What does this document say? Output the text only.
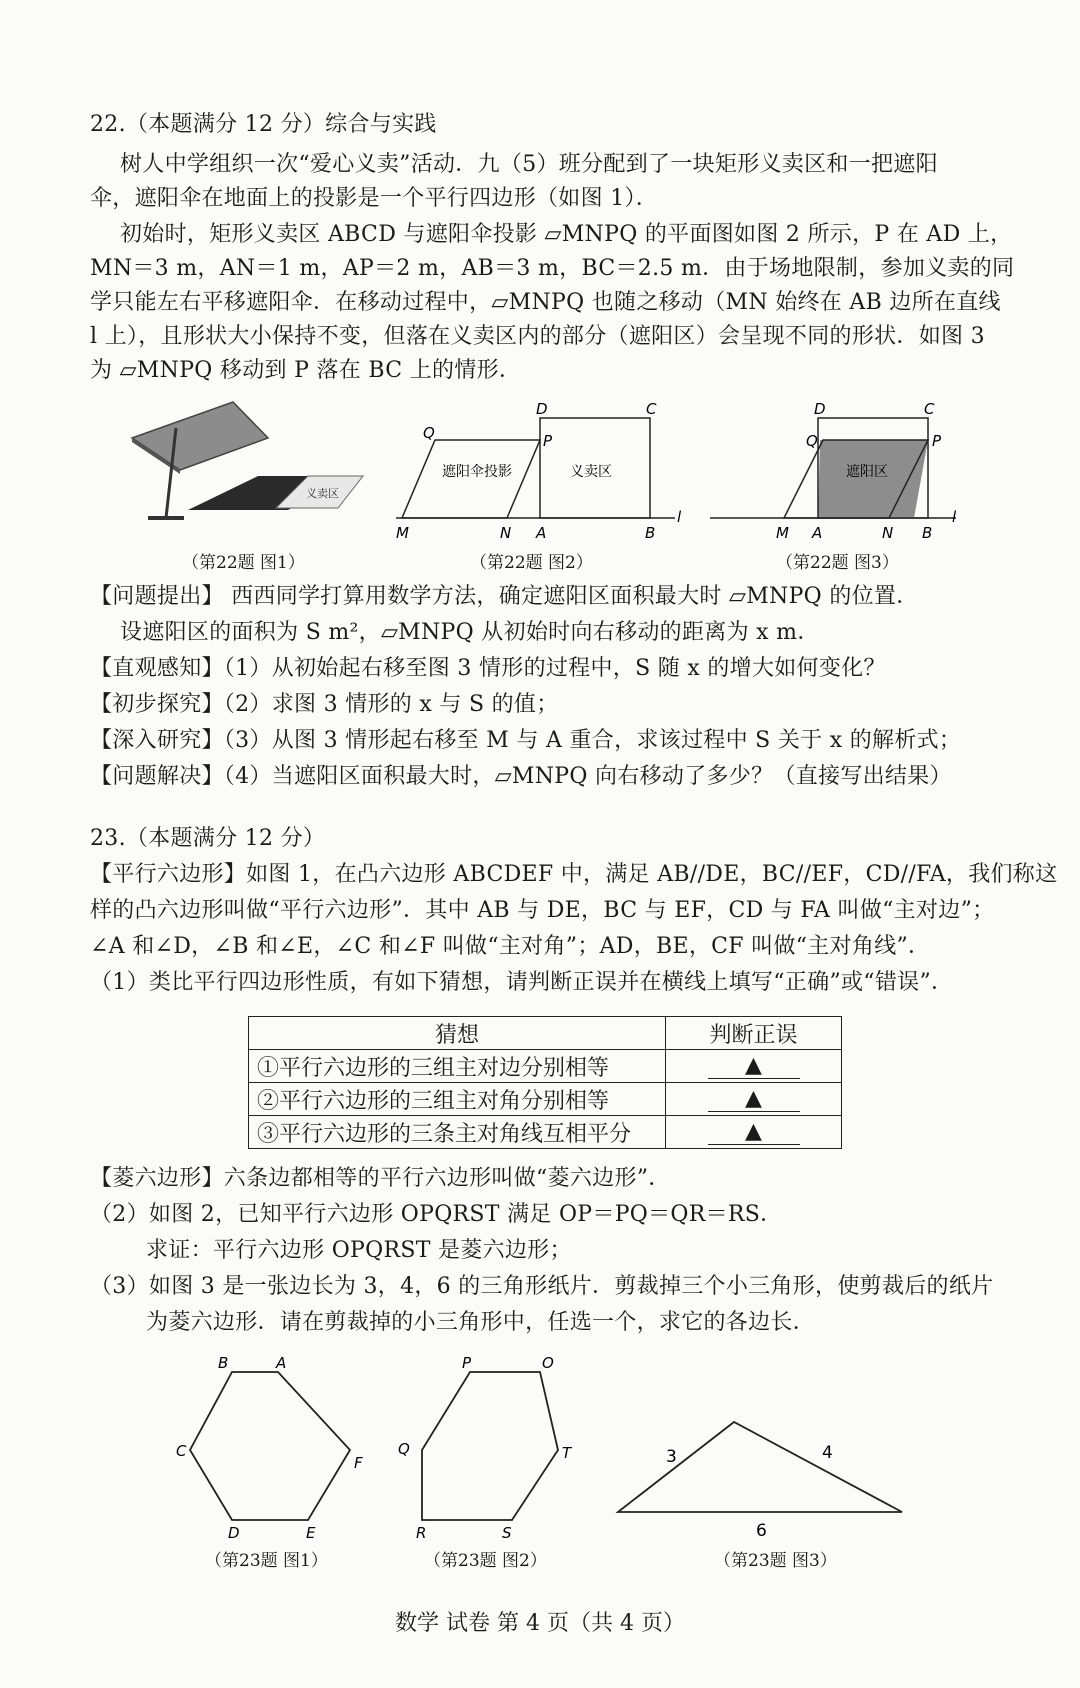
22.（本题满分 12 分）综合与实践
树人中学组织一次“爱心义卖”活动．九（5）班分配到了一块矩形义卖区和一把遮阳
伞，遮阳伞在地面上的投影是一个平行四边形（如图 1）．
初始时，矩形义卖区 ABCD 与遮阳伞投影 ▱MNPQ 的平面图如图 2 所示，P 在 AD 上，
MN＝3 m，AN＝1 m，AP＝2 m，AB＝3 m，BC＝2.5 m．由于场地限制，参加义卖的同
学只能左右平移遮阳伞．在移动过程中，▱MNPQ 也随之移动（MN 始终在 AB 边所在直线
l 上），且形状大小保持不变，但落在义卖区内的部分（遮阳区）会呈现不同的形状．如图 3
为 ▱MNPQ 移动到 P 落在 BC 上的情形．
义卖区
（第22题 图1）
遮阳伞投影	义卖区
D	C
Q	P
M	N A	B
l
（第22题 图2）
遮阳区
D	C
Q	P
M A	N B
l
（第22题 图3）
【问题提出】 西西同学打算用数学方法，确定遮阳区面积最大时 ▱MNPQ 的位置．
设遮阳区的面积为 S m²，▱MNPQ 从初始时向右移动的距离为 x m．
【直观感知】（1）从初始起右移至图 3 情形的过程中，S 随 x 的增大如何变化？
【初步探究】（2）求图 3 情形的 x 与 S 的值；
【深入研究】（3）从图 3 情形起右移至 M 与 A 重合，求该过程中 S 关于 x 的解析式；
【问题解决】（4）当遮阳区面积最大时，▱MNPQ 向右移动了多少？（直接写出结果）
23.（本题满分 12 分）
【平行六边形】如图 1，在凸六边形 ABCDEF 中，满足 AB//DE，BC//EF，CD//FA，我们称这
样的凸六边形叫做“平行六边形”．其中 AB 与 DE，BC 与 EF，CD 与 FA 叫做“主对边”；
∠A 和∠D，∠B 和∠E，∠C 和∠F 叫做“主对角”；AD，BE，CF 叫做“主对角线”．
（1）类比平行四边形性质，有如下猜想，请判断正误并在横线上填写“正确”或“错误”．
猜想	判断正误
①平行六边形的三组主对边分别相等	▲
②平行六边形的三组主对角分别相等	▲
③平行六边形的三条主对角线互相平分	▲
【菱六边形】六条边都相等的平行六边形叫做“菱六边形”．
（2）如图 2，已知平行六边形 OPQRST 满足 OP＝PQ＝QR＝RS．
求证：平行六边形 OPQRST 是菱六边形；
（3）如图 3 是一张边长为 3，4，6 的三角形纸片．剪裁掉三个小三角形，使剪裁后的纸片
为菱六边形．请在剪裁掉的小三角形中，任选一个，求它的各边长．
B	A
C
F
D	E
（第23题 图1）
P	O
Q	T
R	S
（第23题 图2）
3	4
6
（第23题 图3）
数学 试卷 第 4 页（共 4 页）
